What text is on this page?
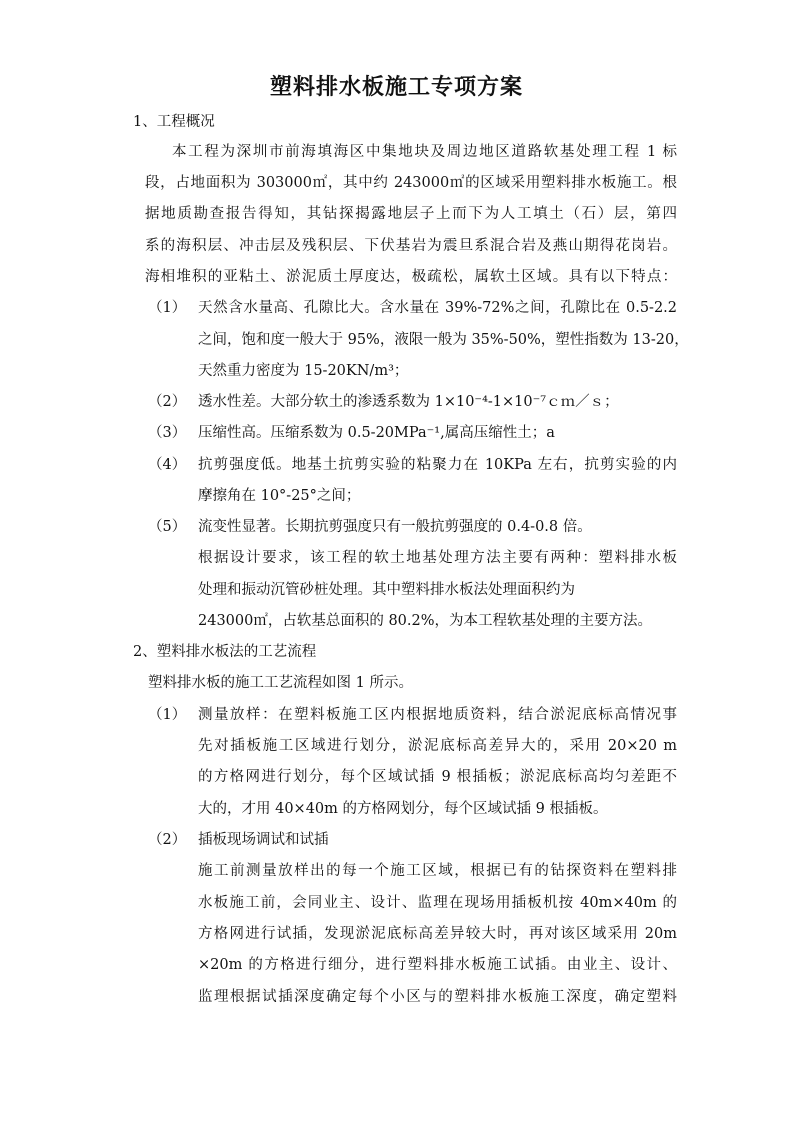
塑料排水板施工专项方案
1、工程概况
本工程为深圳市前海填海区中集地块及周边地区道路软基处理工程 1 标
段，占地面积为 303000㎡，其中约 243000㎡的区域采用塑料排水板施工。根
据地质勘查报告得知，其钻探揭露地层子上而下为人工填土（石）层，第四
系的海积层、冲击层及残积层、下伏基岩为震旦系混合岩及燕山期得花岗岩。
海相堆积的亚粘土、淤泥质土厚度达，极疏松，属软土区域。具有以下特点：
（1） 天然含水量高、孔隙比大。含水量在 39%-72%之间，孔隙比在 0.5-2.2
之间，饱和度一般大于 95%，液限一般为 35%-50%，塑性指数为 13-20，
天然重力密度为 15-20KN/m³；
（2） 透水性差。大部分软土的渗透系数为 1×10⁻⁴-1×10⁻⁷ｃｍ／ｓ；
（3） 压缩性高。压缩系数为 0.5-20MPa⁻¹,属高压缩性土；a
（4） 抗剪强度低。地基土抗剪实验的粘聚力在 10KPa 左右，抗剪实验的内
摩擦角在 10°-25°之间；
（5） 流变性显著。长期抗剪强度只有一般抗剪强度的 0.4-0.8 倍。
根据设计要求，该工程的软土地基处理方法主要有两种：塑料排水板
处理和振动沉管砂桩处理。其中塑料排水板法处理面积约为
243000㎡，占软基总面积的 80.2%，为本工程软基处理的主要方法。
2、塑料排水板法的工艺流程
塑料排水板的施工工艺流程如图 1 所示。
（1） 测量放样：在塑料板施工区内根据地质资料，结合淤泥底标高情况事
先对插板施工区域进行划分，淤泥底标高差异大的，采用 20×20 m
的方格网进行划分，每个区域试插 9 根插板；淤泥底标高均匀差距不
大的，才用 40×40m 的方格网划分，每个区域试插 9 根插板。
（2） 插板现场调试和试插
施工前测量放样出的每一个施工区域，根据已有的钻探资料在塑料排
水板施工前，会同业主、设计、监理在现场用插板机按 40m×40m 的
方格网进行试插，发现淤泥底标高差异较大时，再对该区域采用 20m
×20m 的方格进行细分，进行塑料排水板施工试插。由业主、设计、
监理根据试插深度确定每个小区与的塑料排水板施工深度，确定塑料
